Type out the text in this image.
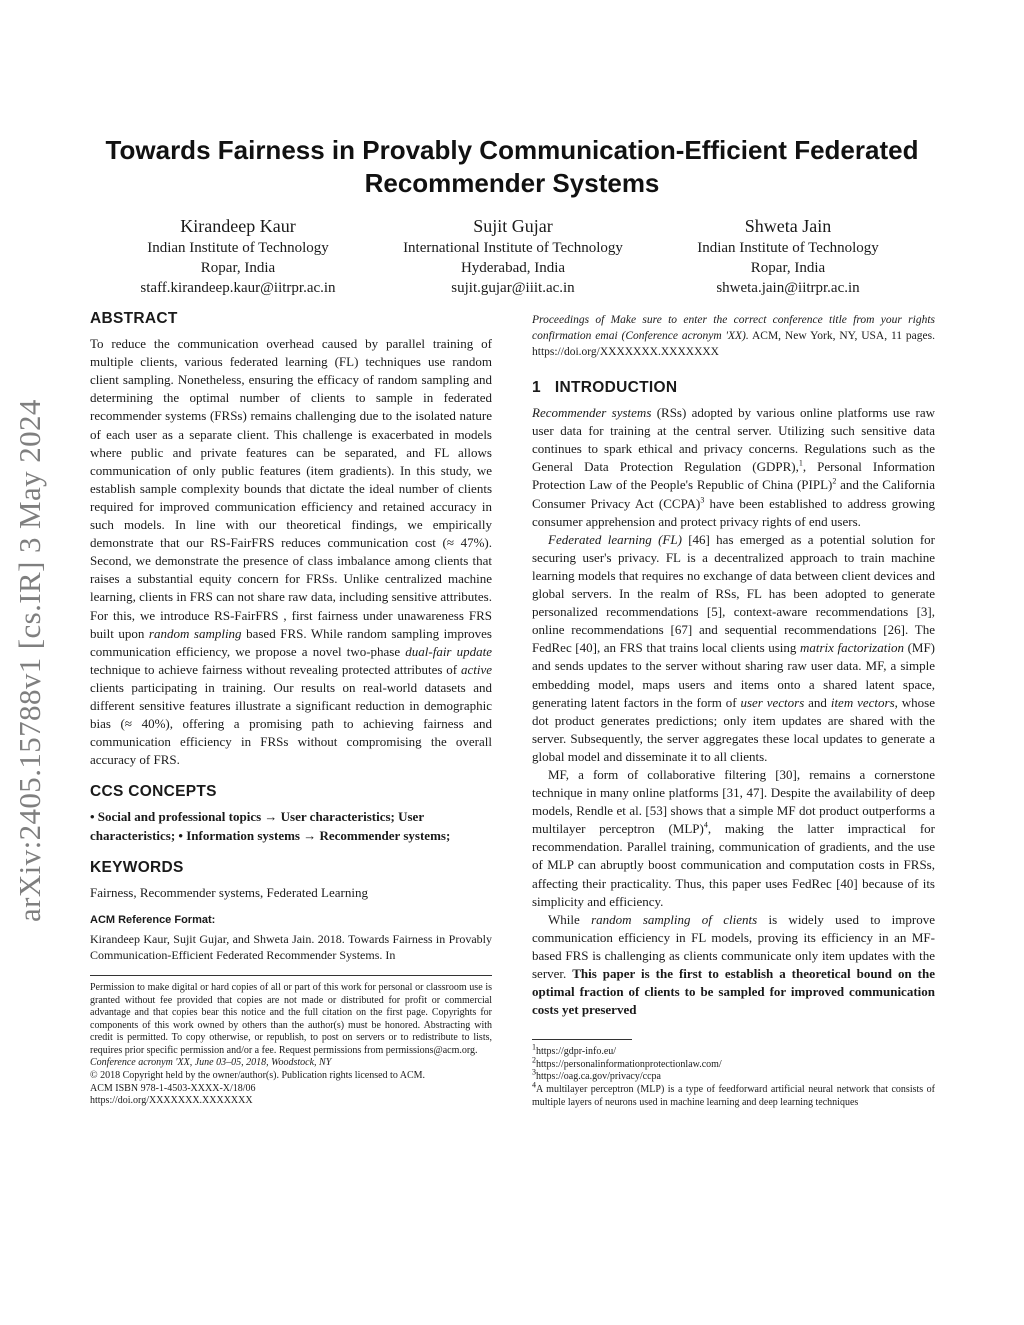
arXiv:2405.15788v1 [cs.IR] 3 May 2024
Towards Fairness in Provably Communication-Efficient Federated Recommender Systems
Kirandeep Kaur
Indian Institute of Technology
Ropar, India
staff.kirandeep.kaur@iitrpr.ac.in
Sujit Gujar
International Institute of Technology
Hyderabad, India
sujit.gujar@iiit.ac.in
Shweta Jain
Indian Institute of Technology
Ropar, India
shweta.jain@iitrpr.ac.in
ABSTRACT

To reduce the communication overhead caused by parallel training of multiple clients, various federated learning (FL) techniques use random client sampling. Nonetheless, ensuring the efficacy of random sampling and determining the optimal number of clients to sample in federated recommender systems (FRSs) remains challenging due to the isolated nature of each user as a separate client. This challenge is exacerbated in models where public and private features can be separated, and FL allows communication of only public features (item gradients). In this study, we establish sample complexity bounds that dictate the ideal number of clients required for improved communication efficiency and retained accuracy in such models. In line with our theoretical findings, we empirically demonstrate that our RS-FairFRS reduces communication cost (≈ 47%). Second, we demonstrate the presence of class imbalance among clients that raises a substantial equity concern for FRSs. Unlike centralized machine learning, clients in FRS can not share raw data, including sensitive attributes. For this, we introduce RS-FairFRS , first fairness under unawareness FRS built upon random sampling based FRS. While random sampling improves communication efficiency, we propose a novel two-phase dual-fair update technique to achieve fairness without revealing protected attributes of active clients participating in training. Our results on real-world datasets and different sensitive features illustrate a significant reduction in demographic bias (≈ 40%), offering a promising path to achieving fairness and communication efficiency in FRSs without compromising the overall accuracy of FRS.

CCS CONCEPTS

• Social and professional topics → User characteristics; User characteristics; • Information systems → Recommender systems;

KEYWORDS

Fairness, Recommender systems, Federated Learning

ACM Reference Format:

Kirandeep Kaur, Sujit Gujar, and Shweta Jain. 2018. Towards Fairness in Provably Communication-Efficient Federated Recommender Systems. In

Permission to make digital or hard copies of all or part of this work for personal or classroom use is granted without fee provided that copies are not made or distributed for profit or commercial advantage and that copies bear this notice and the full citation on the first page. Copyrights for components of this work owned by others than the author(s) must be honored. Abstracting with credit is permitted. To copy otherwise, or republish, to post on servers or to redistribute to lists, requires prior specific permission and/or a fee. Request permissions from permissions@acm.org.

Conference acronym 'XX, June 03–05, 2018, Woodstock, NY
© 2018 Copyright held by the owner/author(s). Publication rights licensed to ACM.
ACM ISBN 978-1-4503-XXXX-X/18/06
https://doi.org/XXXXXXX.XXXXXXX

Proceedings of Make sure to enter the correct conference title from your rights confirmation emai (Conference acronym 'XX). ACM, New York, NY, USA, 11 pages. https://doi.org/XXXXXXX.XXXXXXX

1 INTRODUCTION

Recommender systems (RSs) adopted by various online platforms use raw user data for training at the central server. Utilizing such sensitive data continues to spark ethical and privacy concerns. Regulations such as the General Data Protection Regulation (GDPR),$^1$, Personal Information Protection Law of the People's Republic of China (PIPL)$^2$ and the California Consumer Privacy Act (CCPA)$^3$ have been established to address growing consumer apprehension and protect privacy rights of end users.

Federated learning (FL) [46] has emerged as a potential solution for securing user's privacy. FL is a decentralized approach to train machine learning models that requires no exchange of data between client devices and global servers. In the realm of RSs, FL has been adopted to generate personalized recommendations [5], context-aware recommendations [3], online recommendations [67] and sequential recommendations [26]. The FedRec [40], an FRS that trains local clients using matrix factorization (MF) and sends updates to the server without sharing raw user data. MF, a simple embedding model, maps users and items onto a shared latent space, generating latent factors in the form of user vectors and item vectors, whose dot product generates predictions; only item updates are shared with the server. Subsequently, the server aggregates these local updates to generate a global model and disseminate it to all clients.

MF, a form of collaborative filtering [30], remains a cornerstone technique in many online platforms [31, 47]. Despite the availability of deep models, Rendle et al. [53] shows that a simple MF dot product outperforms a multilayer perceptron (MLP)$^4$, making the latter impractical for recommendation. Parallel training, communication of gradients, and the use of MLP can abruptly boost communication and computation costs in FRSs, affecting their practicality. Thus, this paper uses FedRec [40] because of its simplicity and efficiency.

While random sampling of clients is widely used to improve communication efficiency in FL models, proving its efficiency in an MF-based FRS is challenging as clients communicate only item updates with the server. This paper is the first to establish a theoretical bound on the optimal fraction of clients to be sampled for improved communication costs yet preserved

$^1$https://gdpr-info.eu/
$^2$https://personalinformationprotectionlaw.com/
$^3$https://oag.ca.gov/privacy/ccpa
$^4$A multilayer perceptron (MLP) is a type of feedforward artificial neural network that consists of multiple layers of neurons used in machine learning and deep learning techniques
